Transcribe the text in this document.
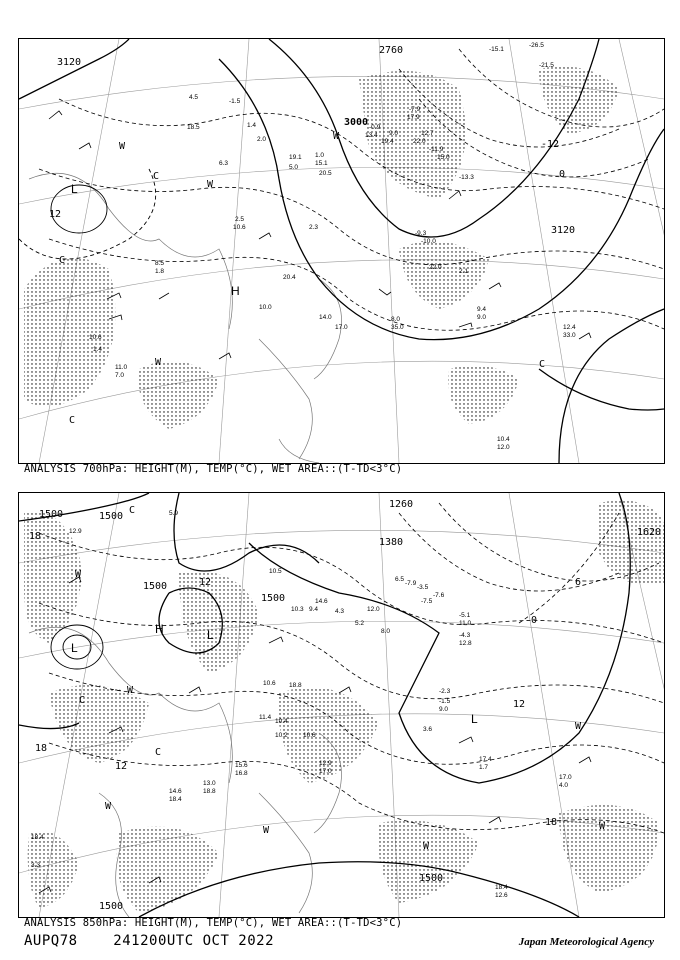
3120
2760
3000
3120
-12
0
12
H
L
W
W
W
W
C
C
C
C
-15.1
-26.5
-21.5
9.0
19.4
12.7
22.0
-11.9
15.0
-13.3
-9.3
-10.0
22.0
2.1
9.4
9.0
8.0
35.0	12.4
33.0
10.4
12.0
11.0
7.0
10.6
1.4
8.5
1.8
2.5
10.6
10.0
20.4
14.0
17.0
-1.5
2.3
4.5
18.5	1.4
2.0
6.3
5.0
1.0
15.1
-0.9
13.4
-7.9
17.9
19.1
20.5
ANALYSIS 700hPa: HEIGHT(M), TEMP(°C), WET AREA::(T-TD<3°C)
1500	1500
1500
1500
1380
1260
1620
1500
1500
18
12	6
0
12
18
18
12
H	L
L
L
W
W
W
W
W
W
W
C
C
C
5.9
12.9
-3.5
-7.6
-5.1
11.0
-4.3
12.8
-2.3
-1.5
9.0
3.6
10.6 18.8
11.4
10.4
10.2 10.6
18.4
12.6
17.4
1.7
17.0
4.0
18.4
3.3
14.6
18.4
13.0
18.8
15.6
16.8
12.9
17.0
-7.9
-7.5
10.5
14.6
9.4
10.3	4.3	12.0
5.2
8.0
6.5
ANALYSIS 850hPa: HEIGHT(M), TEMP(°C), WET AREA::(T-TD<3°C)
AUPQ78	241200UTC OCT 2022	Japan Meteorological Agency
